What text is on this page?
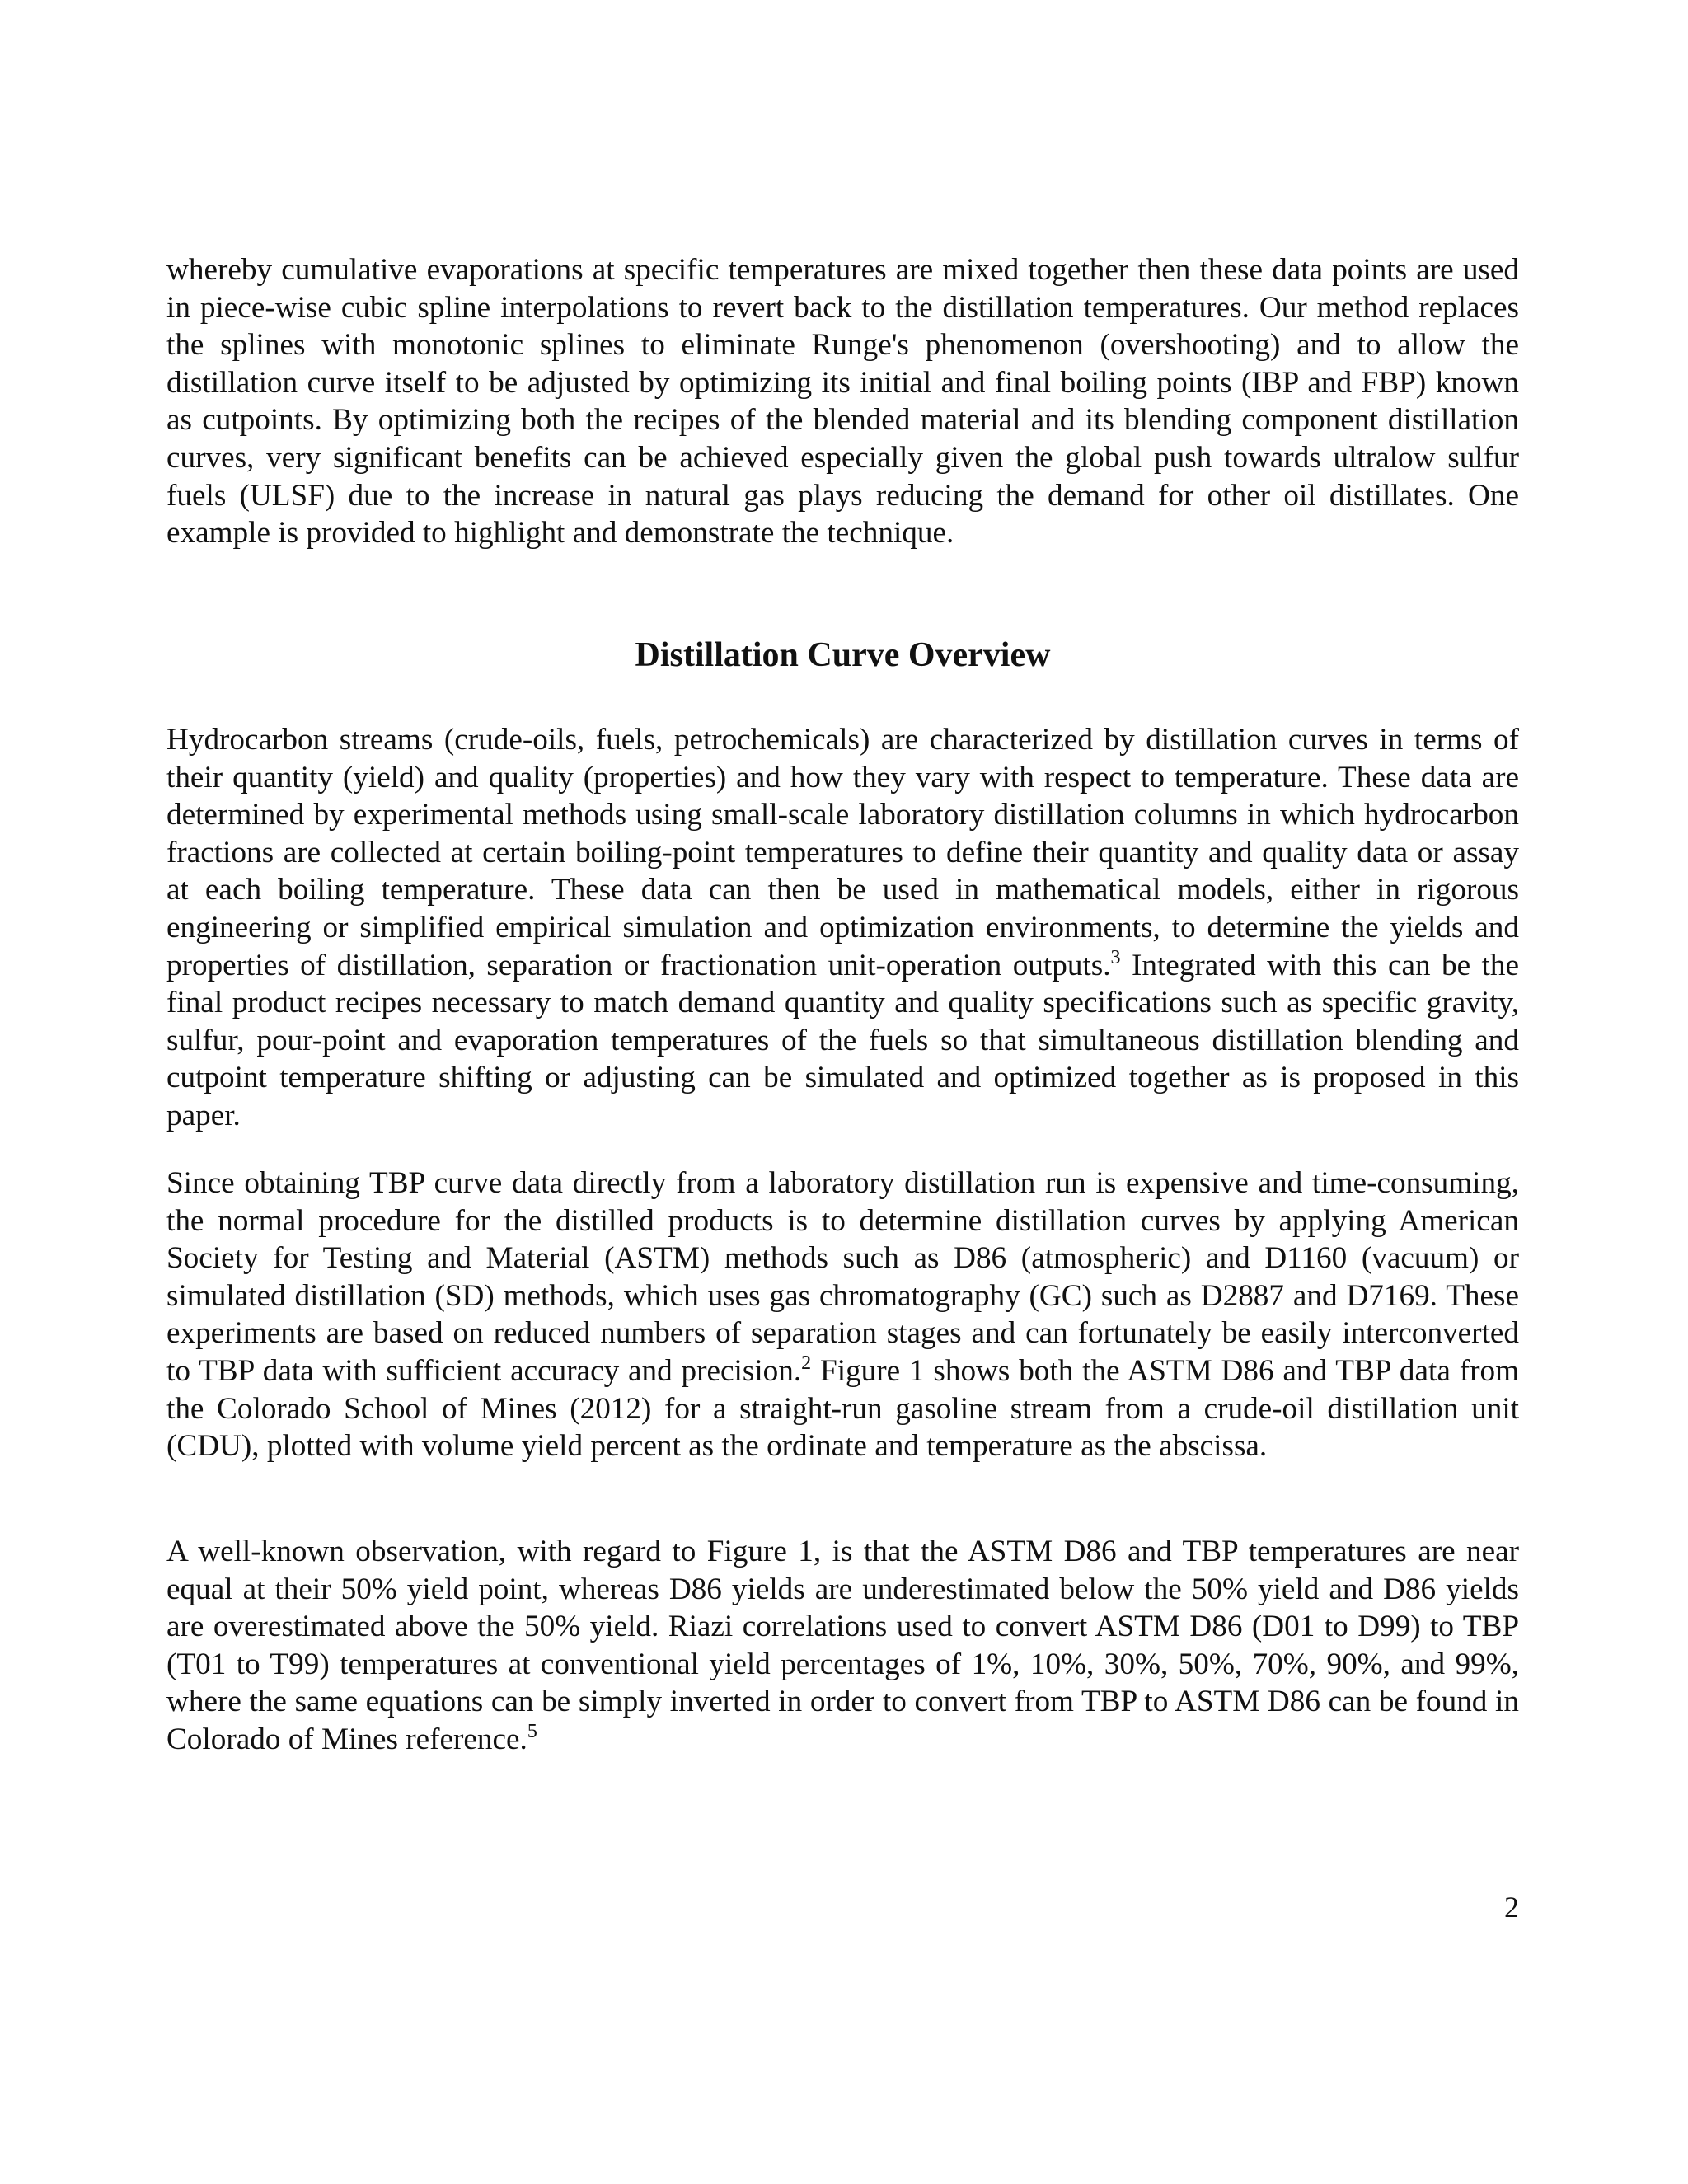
whereby cumulative evaporations at specific temperatures are mixed together then these data points are used in piece-wise cubic spline interpolations to revert back to the distillation temperatures. Our method replaces the splines with monotonic splines to eliminate Runge's phenomenon (overshooting) and to allow the distillation curve itself to be adjusted by optimizing its initial and final boiling points (IBP and FBP) known as cutpoints. By optimizing both the recipes of the blended material and its blending component distillation curves, very significant benefits can be achieved especially given the global push towards ultralow sulfur fuels (ULSF) due to the increase in natural gas plays reducing the demand for other oil distillates. One example is provided to highlight and demonstrate the technique.

Distillation Curve Overview

Hydrocarbon streams (crude-oils, fuels, petrochemicals) are characterized by distillation curves in terms of their quantity (yield) and quality (properties) and how they vary with respect to temperature. These data are determined by experimental methods using small-scale laboratory distillation columns in which hydrocarbon fractions are collected at certain boiling-point temperatures to define their quantity and quality data or assay at each boiling temperature. These data can then be used in mathematical models, either in rigorous engineering or simplified empirical simulation and optimization environments, to determine the yields and properties of distillation, separation or fractionation unit-operation outputs.$^3$ Integrated with this can be the final product recipes necessary to match demand quantity and quality specifications such as specific gravity, sulfur, pour-point and evaporation temperatures of the fuels so that simultaneous distillation blending and cutpoint temperature shifting or adjusting can be simulated and optimized together as is proposed in this paper.

Since obtaining TBP curve data directly from a laboratory distillation run is expensive and time-consuming, the normal procedure for the distilled products is to determine distillation curves by applying American Society for Testing and Material (ASTM) methods such as D86 (atmospheric) and D1160 (vacuum) or simulated distillation (SD) methods, which uses gas chromatography (GC) such as D2887 and D7169. These experiments are based on reduced numbers of separation stages and can fortunately be easily interconverted to TBP data with sufficient accuracy and precision.$^2$ Figure 1 shows both the ASTM D86 and TBP data from the Colorado School of Mines (2012) for a straight-run gasoline stream from a crude-oil distillation unit (CDU), plotted with volume yield percent as the ordinate and temperature as the abscissa.

A well-known observation, with regard to Figure 1, is that the ASTM D86 and TBP temperatures are near equal at their 50% yield point, whereas D86 yields are underestimated below the 50% yield and D86 yields are overestimated above the 50% yield. Riazi correlations used to convert ASTM D86 (D01 to D99) to TBP (T01 to T99) temperatures at conventional yield percentages of 1%, 10%, 30%, 50%, 70%, 90%, and 99%, where the same equations can be simply inverted in order to convert from TBP to ASTM D86 can be found in Colorado of Mines reference.$^5$

2
